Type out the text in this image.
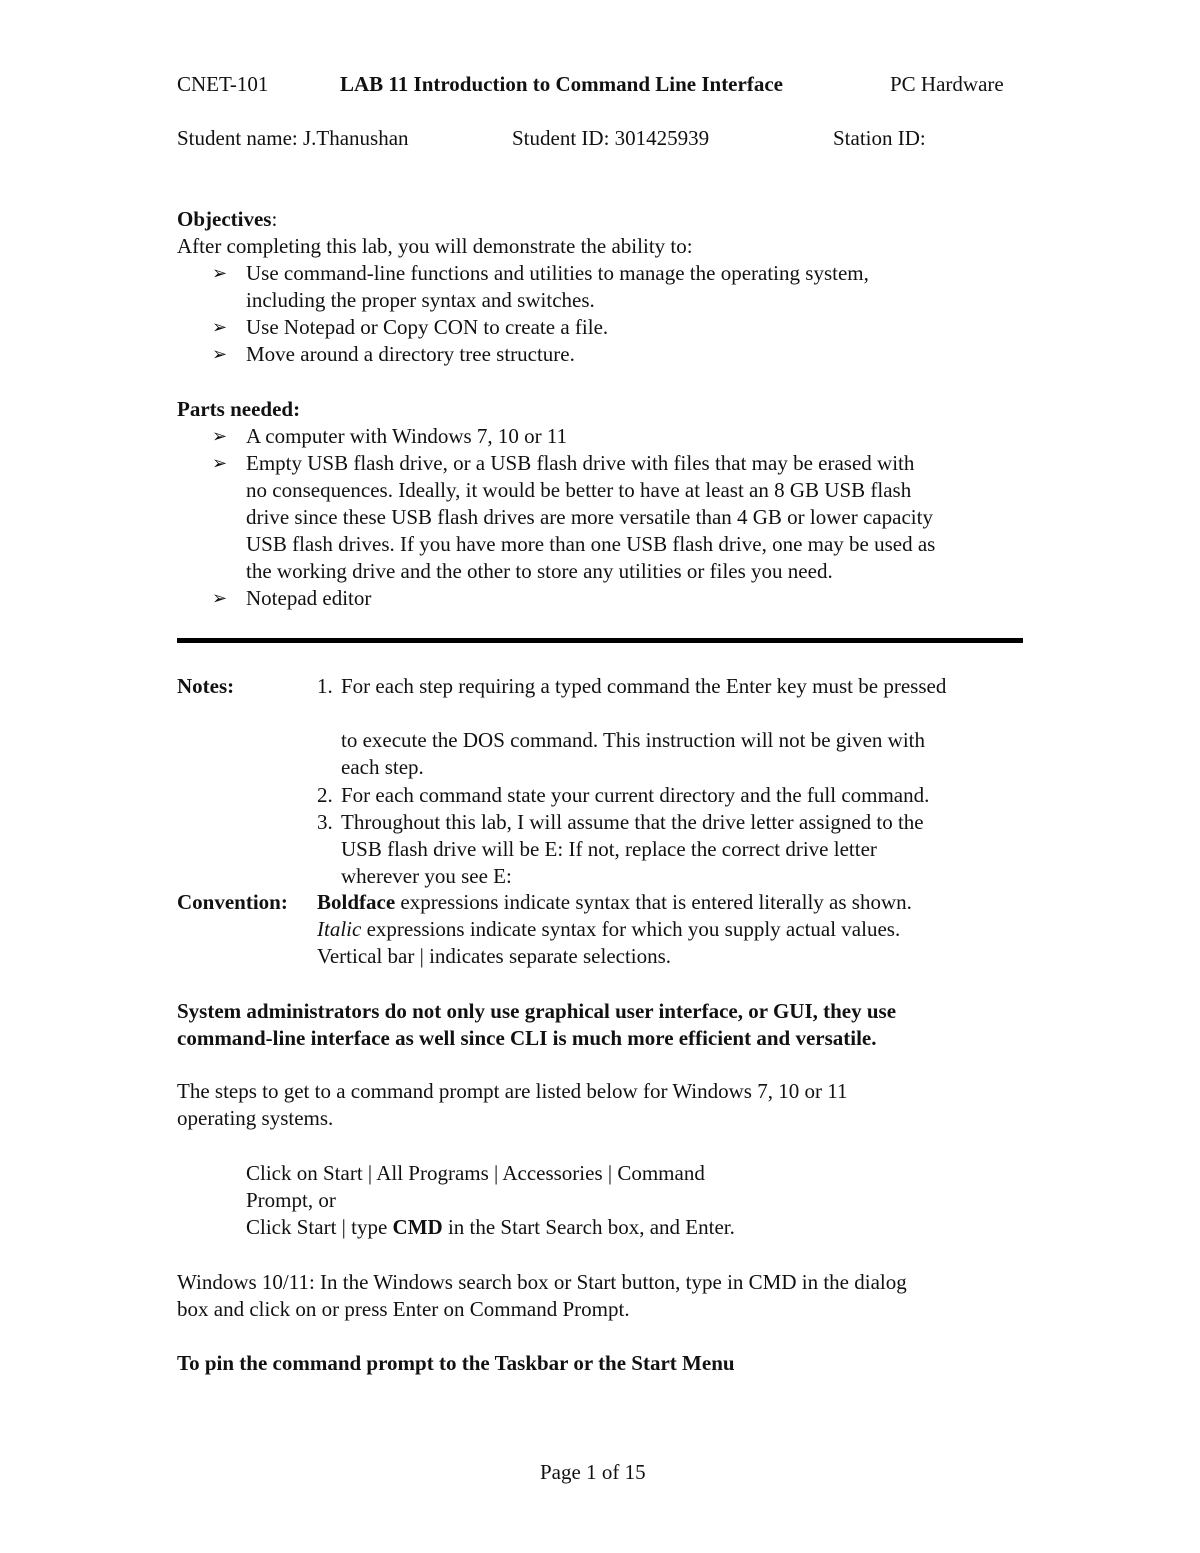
CNET-101	LAB 11 Introduction to Command Line Interface	PC Hardware
Student name: J.Thanushan	Student ID: 301425939	Station ID:
Objectives:
After completing this lab, you will demonstrate the ability to:
➢ Use command-line functions and utilities to manage the operating system,
including the proper syntax and switches.
➢ Use Notepad or Copy CON to create a file.
➢ Move around a directory tree structure.
Parts needed:
➢ A computer with Windows 7, 10 or 11
➢ Empty USB flash drive, or a USB flash drive with files that may be erased with
no consequences. Ideally, it would be better to have at least an 8 GB USB flash
drive since these USB flash drives are more versatile than 4 GB or lower capacity
USB flash drives. If you have more than one USB flash drive, one may be used as
the working drive and the other to store any utilities or files you need.
➢ Notepad editor
Notes:	1. For each step requiring a typed command the Enter key must be pressed
to execute the DOS command. This instruction will not be given with
each step.
2. For each command state your current directory and the full command.
3. Throughout this lab, I will assume that the drive letter assigned to the
USB flash drive will be E: If not, replace the correct drive letter
wherever you see E:
Convention: Boldface expressions indicate syntax that is entered literally as shown.
Italic expressions indicate syntax for which you supply actual values.
Vertical bar | indicates separate selections.
System administrators do not only use graphical user interface, or GUI, they use
command-line interface as well since CLI is much more efficient and versatile.
The steps to get to a command prompt are listed below for Windows 7, 10 or 11
operating systems.
Click on Start | All Programs | Accessories | Command
Prompt, or
Click Start | type CMD in the Start Search box, and Enter.
Windows 10/11: In the Windows search box or Start button, type in CMD in the dialog
box and click on or press Enter on Command Prompt.
To pin the command prompt to the Taskbar or the Start Menu
Page 1 of 15
